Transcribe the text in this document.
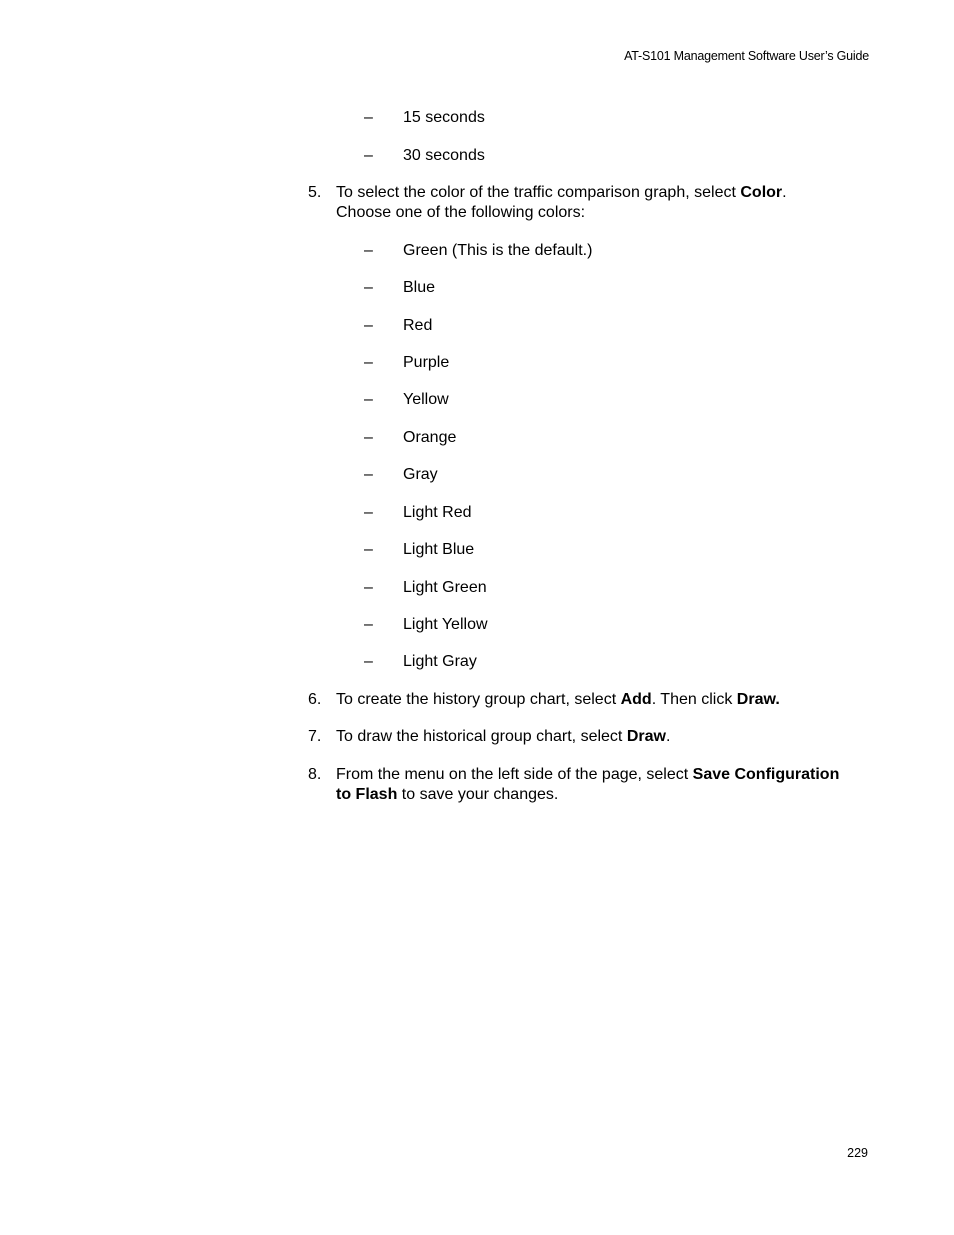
AT-S101 Management Software User’s Guide
– 15 seconds
– 30 seconds
5. To select the color of the traffic comparison graph, select Color.
Choose one of the following colors:
– Green (This is the default.)
– Blue
– Red
– Purple
– Yellow
– Orange
– Gray
– Light Red
– Light Blue
– Light Green
– Light Yellow
– Light Gray
6. To create the history group chart, select Add. Then click Draw.
7. To draw the historical group chart, select Draw.
8. From the menu on the left side of the page, select Save Configuration
to Flash to save your changes.
229
